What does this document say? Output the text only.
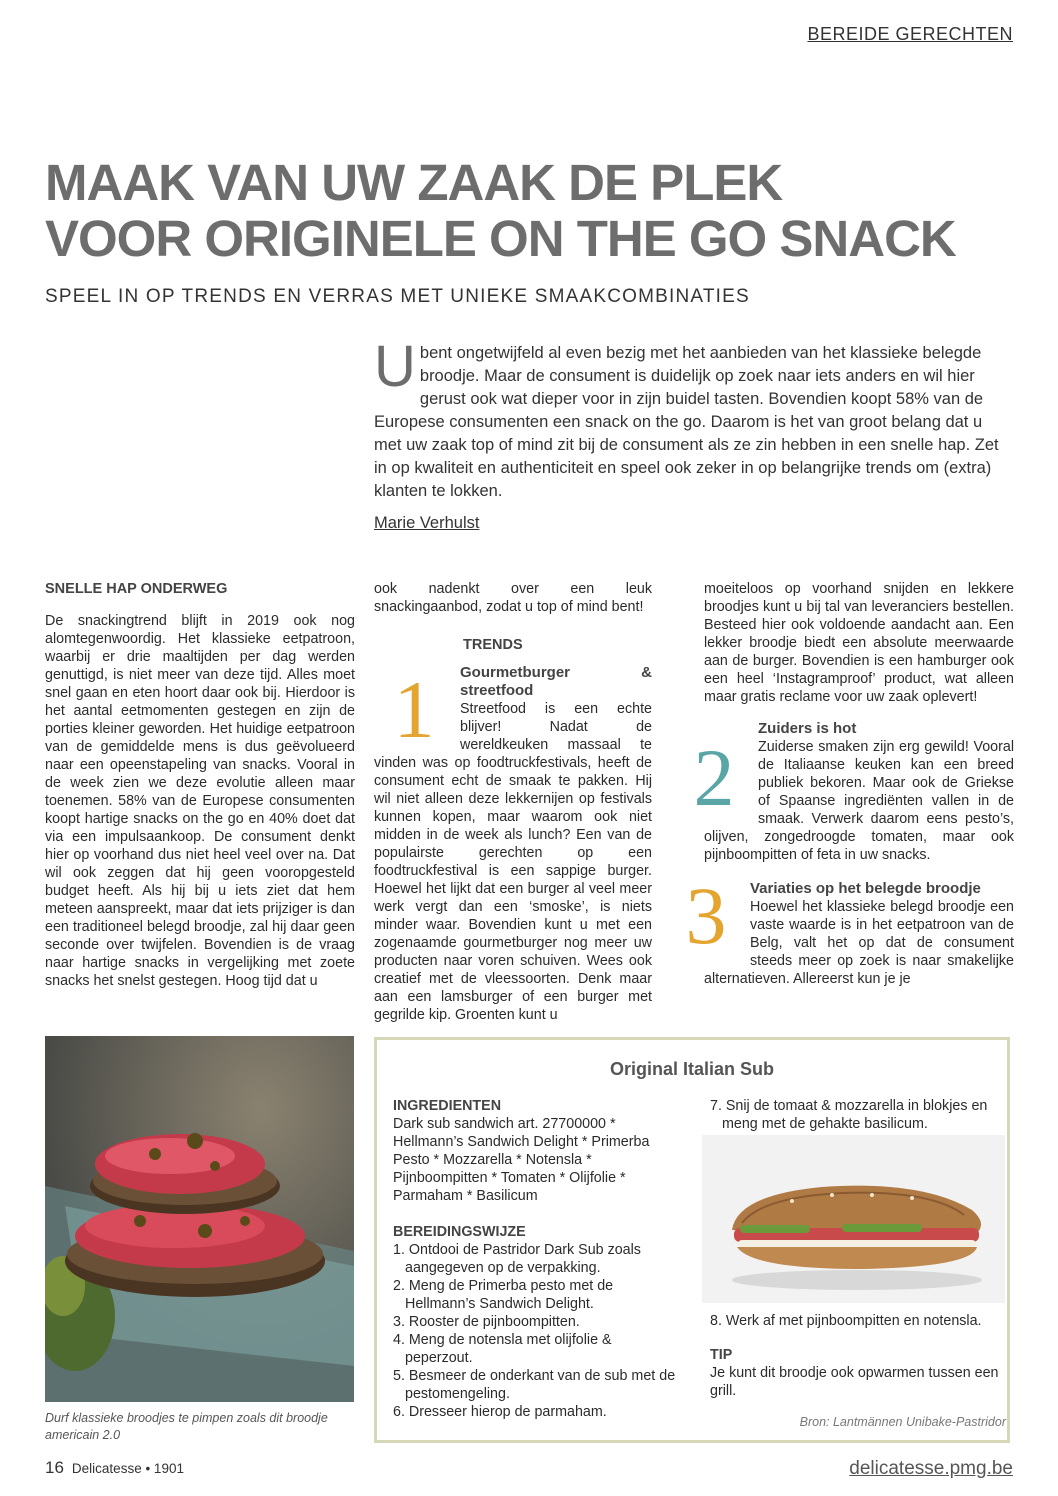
BEREIDE GERECHTEN
MAAK VAN UW ZAAK DE PLEK
VOOR ORIGINELE ON THE GO SNACK

SPEEL IN OP TRENDS EN VERRAS MET UNIEKE SMAAKCOMBINATIES

Ubent ongetwijfeld al even bezig met het aanbieden van het klassieke belegde broodje. Maar de consument is duidelijk op zoek naar iets anders en wil hier gerust ook wat dieper voor in zijn buidel tasten. Bovendien koopt 58% van de Europese consumenten een snack on the go. Daarom is het van groot belang dat u met uw zaak top of mind zit bij de consument als ze zin hebben in een snelle hap. Zet in op kwaliteit en authenticiteit en speel ook zeker in op belangrijke trends om (extra) klanten te lokken.

Marie Verhulst
SNELLE HAP ONDERWEG

De snackingtrend blijft in 2019 ook nog alomtegenwoordig. Het klassieke eetpatroon, waarbij er drie maaltijden per dag werden genuttigd, is niet meer van deze tijd. Alles moet snel gaan en eten hoort daar ook bij. Hierdoor is het aantal eetmomenten gestegen en zijn de porties kleiner geworden. Het huidige eetpatroon van de gemiddelde mens is dus geëvolueerd naar een opeenstapeling van snacks. Vooral in de week zien we deze evolutie alleen maar toenemen. 58% van de Europese consumenten koopt hartige snacks on the go en 40% doet dat via een impulsaankoop. De consument denkt hier op voorhand dus niet heel veel over na. Dat wil ook zeggen dat hij geen vooropgesteld budget heeft. Als hij bij u iets ziet dat hem meteen aanspreekt, maar dat iets prijziger is dan een traditioneel belegd broodje, zal hij daar geen seconde over twijfelen. Bovendien is de vraag naar hartige snacks in vergelijking met zoete snacks het snelst gestegen. Hoog tijd dat u

ook nadenkt over een leuk snackingaanbod, zodat u top of mind bent!

TRENDS
1	Gourmetburger & streetfood

Streetfood is een echte blijver! Nadat de wereldkeuken massaal te vinden was op foodtruckfestivals, heeft de consument echt de smaak te pakken. Hij wil niet alleen deze lekkernijen op festivals kunnen kopen, maar waarom ook niet midden in de week als lunch? Een van de populairste gerechten op een foodtruckfestival is een sappige burger. Hoewel het lijkt dat een burger al veel meer werk vergt dan een ‘smoske’, is niets minder waar. Bovendien kunt u met een zogenaamde gourmetburger nog meer uw producten naar voren schuiven. Wees ook creatief met de vleessoorten. Denk maar aan een lamsburger of een burger met gegrilde kip. Groenten kunt u

moeiteloos op voorhand snijden en lekkere broodjes kunt u bij tal van leveranciers bestellen. Besteed hier ook voldoende aandacht aan. Een lekker broodje biedt een absolute meerwaarde aan de burger. Bovendien is een hamburger ook een heel ‘Instagramproof’ product, wat alleen maar gratis reclame voor uw zaak oplevert!

2
Zuiders is hot

Zuiderse smaken zijn erg gewild! Vooral de Italiaanse keuken kan een breed publiek bekoren. Maar ook de Griekse of Spaanse ingrediënten vallen in de smaak. Verwerk daarom eens pesto’s, olijven, zongedroogde tomaten, maar ook pijnboompitten of feta in uw snacks.

3	Variaties op het belegde broodje

Hoewel het klassieke belegd broodje een vaste waarde is in het eetpatroon van de Belg, valt het op dat de consument steeds meer op zoek is naar smakelijke alternatieven. Allereerst kun je je

Durf klassieke broodjes te pimpen zoals dit broodje americain 2.0

Original Italian Sub

INGREDIENTEN

Dark sub sandwich art. 27700000 * Hellmann’s Sandwich Delight * Primerba Pesto * Mozzarella * Notensla * Pijnboompitten * Tomaten * Olijfolie * Parmaham * Basilicum

BEREIDINGSWIJZE

1. Ontdooi de Pastridor Dark Sub zoals aangegeven op de verpakking.
2. Meng de Primerba pesto met de Hellmann’s Sandwich Delight.
3. Rooster de pijnboompitten.
4. Meng de notensla met olijfolie & peperzout.
5. Besmeer de onderkant van de sub met de pestomengeling.
6. Dresseer hierop de parmaham.
7. Snij de tomaat & mozzarella in blokjes en meng met de gehakte basilicum.
8. Werk af met pijnboompitten en notensla.

TIP

Je kunt dit broodje ook opwarmen tussen een grill.

Bron: Lantmännen Unibake-Pastridor

16 Delicatesse • 1901	delicatesse.pmg.be
